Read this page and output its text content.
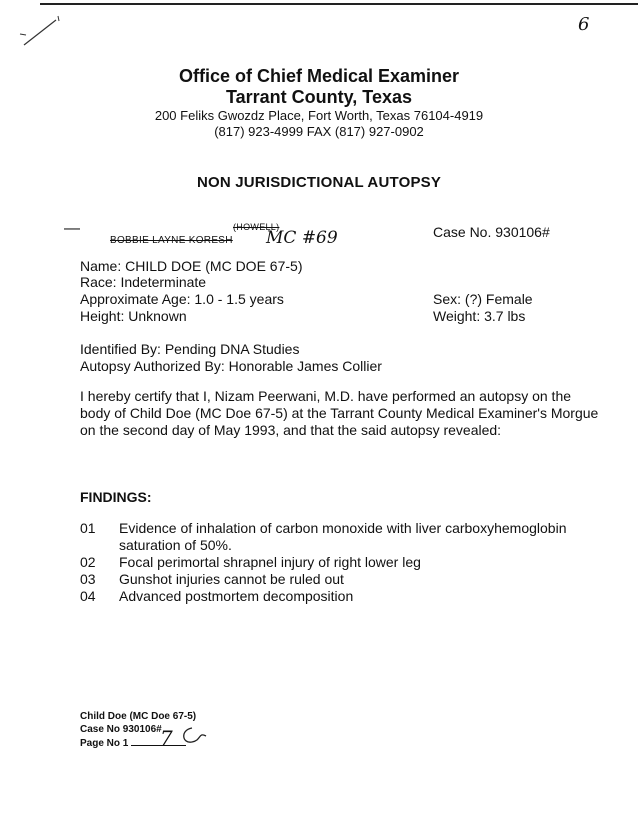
6
Office of Chief Medical Examiner
Tarrant County, Texas
200 Feliks Gwozdz Place, Fort Worth, Texas 76104-4919
(817) 923-4999 FAX (817) 927-0902
NON JURISDICTIONAL AUTOPSY
—	(HOWELL)
BOBBIE LAYNE KORESH MC #69	Case No. 930106#
Name: CHILD DOE (MC DOE 67-5)
Race: Indeterminate
Approximate Age: 1.0 - 1.5 years
Height: Unknown
Sex: (?) Female
Weight: 3.7 lbs
Identified By: Pending DNA Studies
Autopsy Authorized By: Honorable James Collier
I hereby certify that I, Nizam Peerwani, M.D. have performed an autopsy on the body of Child Doe (MC Doe 67-5) at the Tarrant County Medical Examiner's Morgue on the second day of May 1993, and that the said autopsy revealed:
FINDINGS:
01	Evidence of inhalation of carbon monoxide with liver carboxyhemoglobin saturation of 50%.
02	Focal perimortal shrapnel injury of right lower leg
03	Gunshot injuries cannot be ruled out
04	Advanced postmortem decomposition
Child Doe (MC Doe 67-5)
Case No 930106#
Page No 1	7
